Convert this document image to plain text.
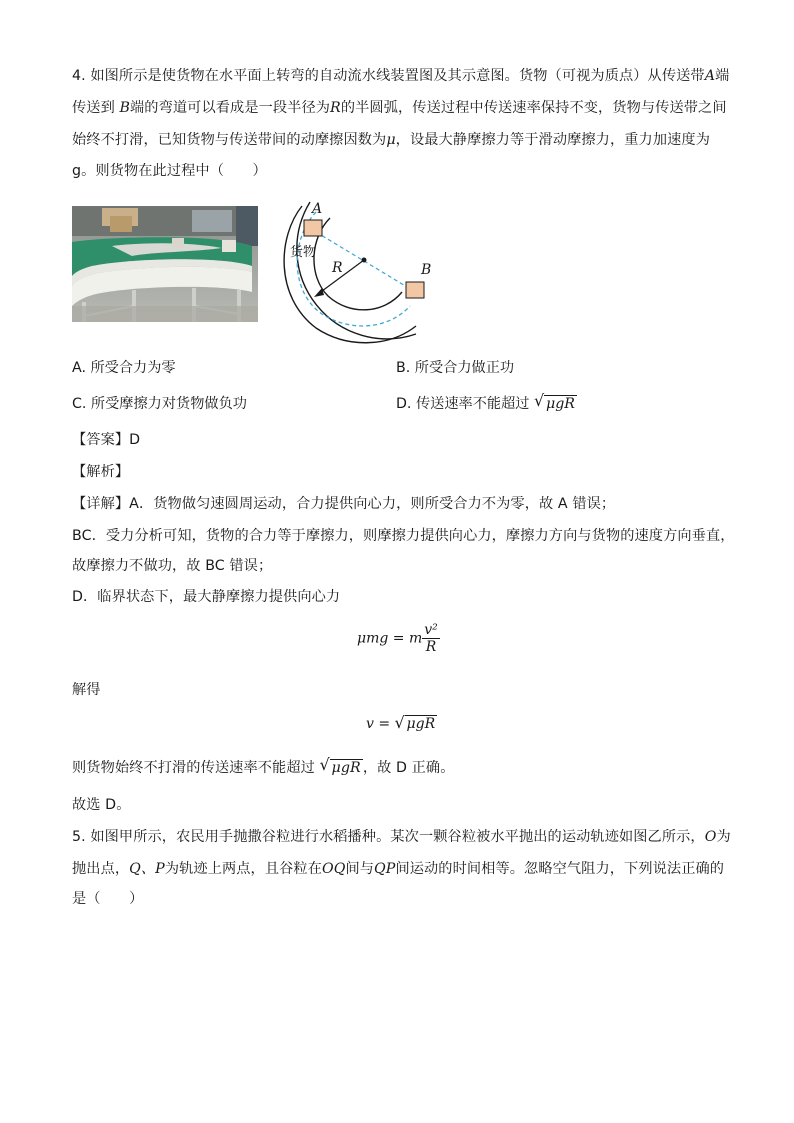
4. 如图所示是使货物在水平面上转弯的自动流水线装置图及其示意图。货物（可视为质点）从传送带A端
传送到 B端的弯道可以看成是一段半径为R的半圆弧，传送过程中传送速率保持不变，货物与传送带之间
始终不打滑，已知货物与传送带间的动摩擦因数为μ，设最大静摩擦力等于滑动摩擦力，重力加速度为
g。则货物在此过程中（　　）
A
B
R
货物
A. 所受合力为零	B. 所受合力做正功
C. 所受摩擦力对货物做负功	D. 传送速率不能超过 √ μgR
【答案】D
【解析】
【详解】A．货物做匀速圆周运动，合力提供向心力，则所受合力不为零，故 A 错误；
BC．受力分析可知，货物的合力等于摩擦力，则摩擦力提供向心力，摩擦力方向与货物的速度方向垂直，
故摩擦力不做功，故 BC 错误；
D．临界状态下，最大静摩擦力提供向心力
μmg = m $\frac{\text{v²}}{R}$
解得
v = √ μgR
则货物始终不打滑的传送速率不能超过 √ μgR ，故 D 正确。
故选 D。
5. 如图甲所示，农民用手抛撒谷粒进行水稻播种。某次一颗谷粒被水平抛出的运动轨迹如图乙所示，O为
抛出点，Q、P为轨迹上两点，且谷粒在OQ间与QP间运动的时间相等。忽略空气阻力，下列说法正确的
是（　　）
